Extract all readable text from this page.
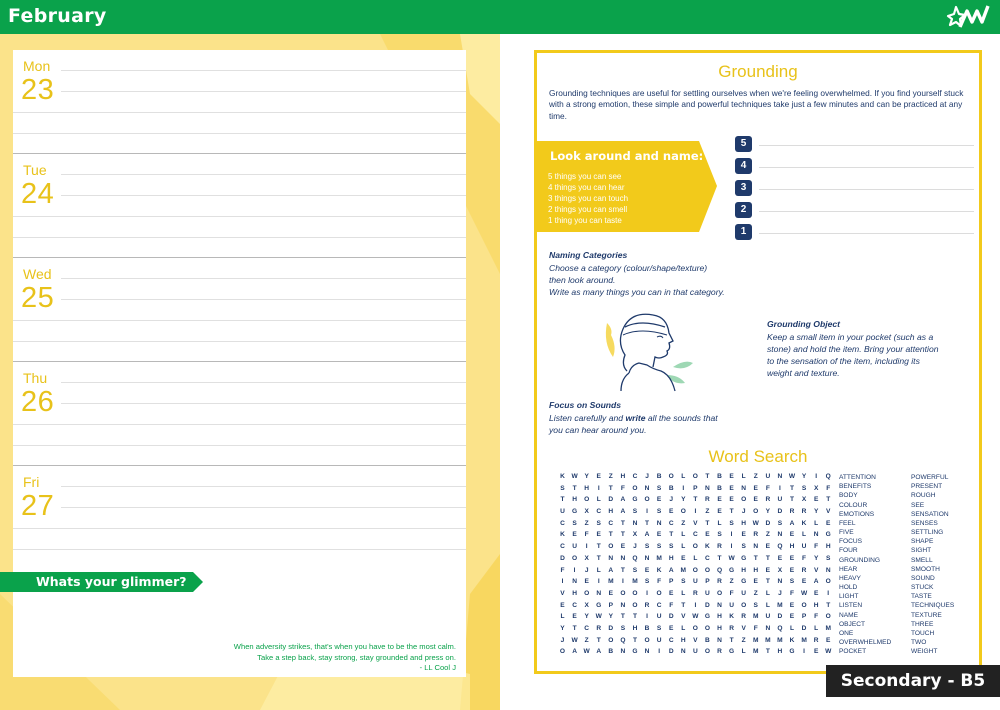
February
Mon
23
Tue
24
Wed
25
Thu
26
Fri
27
Whats your glimmer?
When adversity strikes, that's when you have to be the most calm.
Take a step back, stay strong, stay grounded and press on.
- LL Cool J
Grounding
Grounding techniques are useful for settling ourselves when we're feeling overwhelmed. If you find yourself stuck with a strong emotion, these simple and powerful techniques take just a few minutes and can be practiced at any time.
Look around and name:
5 things you can see
4 things you can hear
3 things you can touch
2 things you can smell
1 thing you can taste
5
4
3
2
1
Naming Categories
Choose a category (colour/shape/texture)
then look around.
Write as many things you can in that category.
Grounding Object
Keep a small item in your pocket (such as a
stone) and hold the item. Bring your attention
to the sensation of the item, including its
weight and texture.
Focus on Sounds
Listen carefully and write all the sounds that
you can hear around you.
Word Search
K W	Y	E	Z	H	C	J	B	O	L	O	T	B	E	L	Z	U	N W	Y	I	Q
S	T	H	I	T	F	O	N	S	B	I	P	N	B	E	N	E	F	I	T	S	X	F
T	H	O	L	D	A	G O	E	J	Y	T	R	E	E	O	E	R	U	T	X	E	T
U	G	X	C	H	A	S	I	S	E	O	I	Z	E	T	J	O	Y	D	R	R	Y	V
C	S	Z	S	C	T	N	T	N	C	Z	V	T	L	S	H W D	S	A	K	L	E
K	E	F	E	T	T	X	A	E	T	L	C	E	S	I	E	R	Z	N	E	L	N	G
C	U	I	T	O	E	J	S	S	S	L	O	K	R	I	S	N	E	Q	H	U	F	H
D	O	X	T	N	N	Q	N	M	H	E	L	C	T	W G	T	T	E	E	F	Y	S
F	I	J	L	A	T	S	E	K	A	M O O Q G	H	H	E	X	E	R	V	N
I	N	E	I	M	I	M	S	F	P	S	U	P	R	Z	G	E	T	N	S	E	A	O
V	H	O	N	E	O O	I	O	E	L	R	U	O	F	U	Z	L	J	F	W	E	I
E	C	X	G	P	N	O	R	C	F	T	I	D	N	U	O	S	L	M	E	O	H	T
L	E	Y	W	Y	T	T	I	U	D	V	W G	H	K	R	M	U	D	E	P	F	O
Y	T	C	R	D	S	H	B	S	E	L	O O	H	R	V	F	N	Q	L	D	L	M
J	W	Z	T	O Q	T	O	U	C	H	V	B	N	T	Z	M M M	K	M	R	E
O	A W A	B	N	G	N	I	D	N	U	O	R	G	L	M	T	H	G	I	E	W
ATTENTION
BENEFITS
BODY
COLOUR
EMOTIONS
FEEL
FIVE
FOCUS
FOUR
GROUNDING
HEAR
HEAVY
HOLD
LIGHT
LISTEN
NAME
OBJECT
ONE
OVERWHELMED
POCKET
POWERFUL
PRESENT
ROUGH
SEE
SENSATION
SENSES
SETTLING
SHAPE
SIGHT
SMELL
SMOOTH
SOUND
STUCK
TASTE
TECHNIQUES
TEXTURE
THREE
TOUCH
TWO
WEIGHT
Secondary - B5
